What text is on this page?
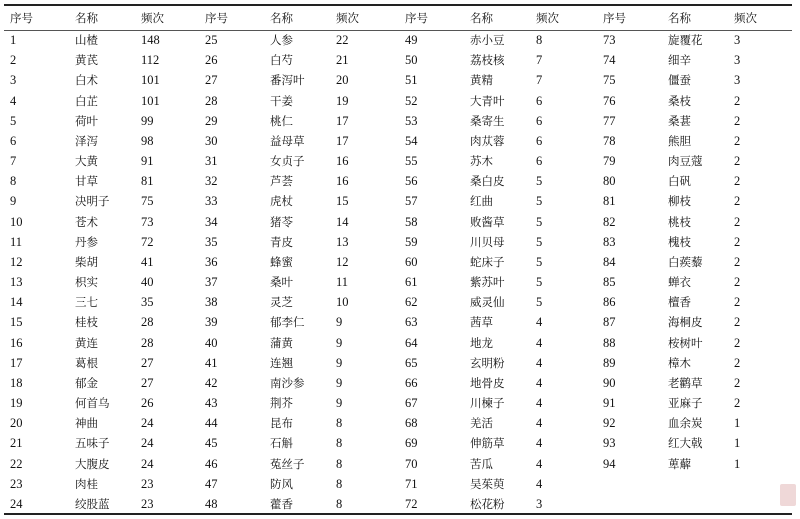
序号	名称	频次
1	山楂	148
2	黄芪	112
3	白术	101
4	白芷	101
5	荷叶	99
6	泽泻	98
7	大黄	91
8	甘草	81
9	决明子	75
10	苍术	73
11	丹参	72
12	柴胡	41
13	枳实	40
14	三七	35
15	桂枝	28
16	黄连	28
17	葛根	27
18	郁金	27
19	何首乌	26
20	神曲	24
21	五味子	24
22	大腹皮	24
23	肉桂	23
24	绞股蓝	23
序号	名称	频次
25	人参	22
26	白芍	21
27	番泻叶	20
28	干姜	19
29	桃仁	17
30	益母草	17
31	女贞子	16
32	芦荟	16
33	虎杖	15
34	猪苓	14
35	青皮	13
36	蜂蜜	12
37	桑叶	11
38	灵芝	10
39	郁李仁	9
40	蒲黄	9
41	连翘	9
42	南沙参	9
43	荆芥	9
44	昆布	8
45	石斛	8
46	菟丝子	8
47	防风	8
48	藿香	8
序号	名称	频次
49	赤小豆	8
50	荔枝核	7
51	黄精	7
52	大青叶	6
53	桑寄生	6
54	肉苁蓉	6
55	苏木	6
56	桑白皮	5
57	红曲	5
58	败酱草	5
59	川贝母	5
60	蛇床子	5
61	紫苏叶	5
62	威灵仙	5
63	茜草	4
64	地龙	4
65	玄明粉	4
66	地骨皮	4
67	川楝子	4
68	羌活	4
69	伸筋草	4
70	苦瓜	4
71	吴茱萸	4
72	松花粉	3
序号	名称	频次
73	旋覆花	3
74	细辛	3
75	僵蚕	3
76	桑枝	2
77	桑葚	2
78	熊胆	2
79	肉豆蔻	2
80	白矾	2
81	柳枝	2
82	桃枝	2
83	槐枝	2
84	白蒺藜	2
85	蝉衣	2
86	檀香	2
87	海桐皮	2
88	桉树叶	2
89	樟木	2
90	老鹳草	2
91	亚麻子	2
92	血余炭	1
93	红大戟	1
94	萆薢	1
